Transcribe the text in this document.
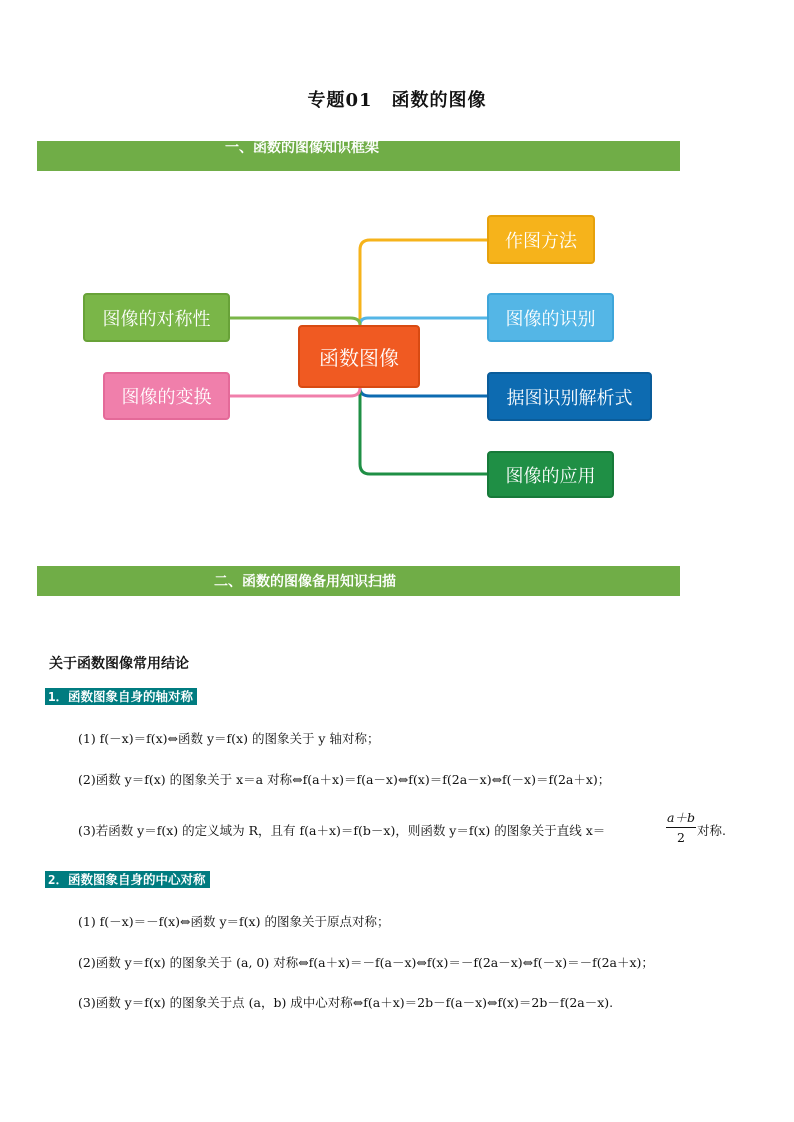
专题01　函数的图像
一、函数的图像知识框架
函数图像
作图方法
图像的识别
据图识别解析式
图像的应用
图像的对称性
图像的变换
二、函数的图像备用知识扫描
关于函数图像常用结论
1．函数图象自身的轴对称
(1) f(－x)＝f(x)⇔函数 y＝f(x) 的图象关于 y 轴对称；
(2)函数 y＝f(x) 的图象关于 x＝a 对称⇔f(a＋x)＝f(a－x)⇔f(x)＝f(2a－x)⇔f(－x)＝f(2a＋x)；
(3)若函数 y＝f(x) 的定义域为 R，且有 f(a＋x)＝f(b－x)，则函数 y＝f(x) 的图象关于直线 x＝	$\frac{a+b}{2}$ 对称.
2．函数图象自身的中心对称
(1) f(－x)＝－f(x)⇔函数 y＝f(x) 的图象关于原点对称；
(2)函数 y＝f(x) 的图象关于 (a, 0) 对称⇔f(a＋x)＝－f(a－x)⇔f(x)＝－f(2a－x)⇔f(－x)＝－f(2a＋x)；
(3)函数 y＝f(x) 的图象关于点 (a，b) 成中心对称⇔f(a＋x)＝2b－f(a－x)⇔f(x)＝2b－f(2a－x).
